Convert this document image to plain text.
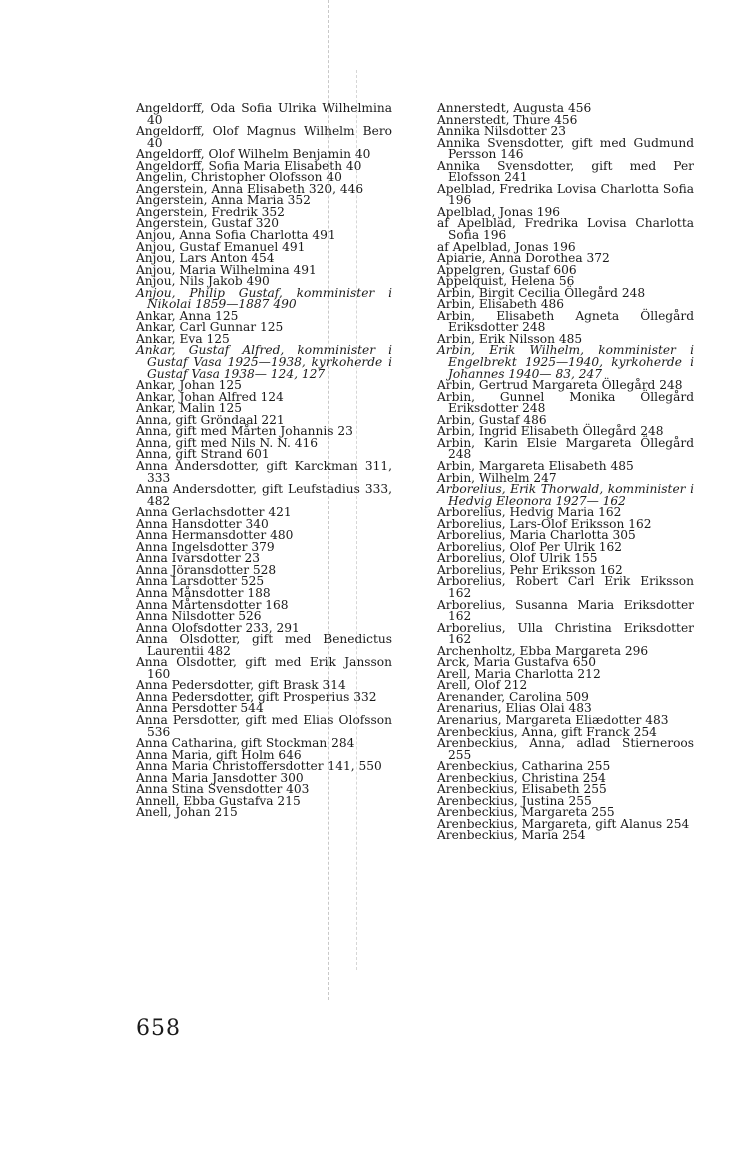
Angeldorff, Oda Sofia Ulrika Wilhelmina 40

Angeldorff, Olof Magnus Wilhelm Bero 40

Angeldorff, Olof Wilhelm Benjamin 40

Angeldorff, Sofia Maria Elisabeth 40

Angelin, Christopher Olofsson 40

Angerstein, Anna Elisabeth 320, 446

Angerstein, Anna Maria 352

Angerstein, Fredrik 352

Angerstein, Gustaf 320

Anjou, Anna Sofia Charlotta 491

Anjou, Gustaf Emanuel 491

Anjou, Lars Anton 454

Anjou, Maria Wilhelmina 491

Anjou, Nils Jakob 490

Anjou, Philip Gustaf, komminister i Nikolai 1859—1887 490

Ankar, Anna 125

Ankar, Carl Gunnar 125

Ankar, Eva 125

Ankar, Gustaf Alfred, komminister i Gustaf Vasa 1925—1938, kyrkoherde i Gustaf Vasa 1938— 124, 127

Ankar, Johan 125

Ankar, Johan Alfred 124

Ankar, Malin 125

Anna, gift Gröndaal 221

Anna, gift med Mårten Johannis 23

Anna, gift med Nils N. N. 416

Anna, gift Strand 601

Anna Andersdotter, gift Karckman 311, 333

Anna Andersdotter, gift Leufstadius 333, 482

Anna Gerlachsdotter 421

Anna Hansdotter 340

Anna Hermansdotter 480

Anna Ingelsdotter 379

Anna Ivarsdotter 23

Anna Jöransdotter 528

Anna Larsdotter 525

Anna Månsdotter 188

Anna Mårtensdotter 168

Anna Nilsdotter 526

Anna Olofsdotter 233, 291

Anna Olsdotter, gift med Benedictus Laurentii 482

Anna Olsdotter, gift med Erik Jansson 160

Anna Pedersdotter, gift Brask 314

Anna Pedersdotter, gift Prosperius 332

Anna Persdotter 544

Anna Persdotter, gift med Elias Olofsson 536

Anna Catharina, gift Stockman 284

Anna Maria, gift Holm 646

Anna Maria Christoffersdotter 141, 550

Anna Maria Jansdotter 300

Anna Stina Svensdotter 403

Annell, Ebba Gustafva 215

Anell, Johan 215

Annerstedt, Augusta 456

Annerstedt, Thure 456

Annika Nilsdotter 23

Annika Svensdotter, gift med Gudmund Persson 146

Annika Svensdotter, gift med Per Elofsson 241

Apelblad, Fredrika Lovisa Charlotta Sofia 196

Apelblad, Jonas 196

af Apelblad, Fredrika Lovisa Charlotta Sofia 196

af Apelblad, Jonas 196

Apiarie, Anna Dorothea 372

Appelgren, Gustaf 606

Appelquist, Helena 56

Arbin, Birgit Cecilia Öllegård 248

Arbin, Elisabeth 486

Arbin, Elisabeth Agneta Öllegård Eriksdotter 248

Arbin, Erik Nilsson 485

Arbin, Erik Wilhelm, komminister i Engelbrekt 1925—1940, kyrkoherde i Johannes 1940— 83, 247

Arbin, Gertrud Margareta Öllegård 248

Arbin, Gunnel Monika Öllegård Eriksdotter 248

Arbin, Gustaf 486

Arbin, Ingrid Elisabeth Öllegård 248

Arbin, Karin Elsie Margareta Öllegård 248

Arbin, Margareta Elisabeth 485

Arbin, Wilhelm 247

Arborelius, Erik Thorwald, komminister i Hedvig Eleonora 1927— 162

Arborelius, Hedvig Maria 162

Arborelius, Lars-Olof Eriksson 162

Arborelius, Maria Charlotta 305

Arborelius, Olof Per Ulrik 162

Arborelius, Olof Ulrik 155

Arborelius, Pehr Eriksson 162

Arborelius, Robert Carl Erik Eriksson 162

Arborelius, Susanna Maria Eriksdotter 162

Arborelius, Ulla Christina Eriksdotter 162

Archenholtz, Ebba Margareta 296

Arck, Maria Gustafva 650

Arell, Maria Charlotta 212

Arell, Olof 212

Arenander, Carolina 509

Arenarius, Elias Olai 483

Arenarius, Margareta Eliædotter 483

Arenbeckius, Anna, gift Franck 254

Arenbeckius, Anna, adlad Stierneroos 255

Arenbeckius, Catharina 255

Arenbeckius, Christina 254

Arenbeckius, Elisabeth 255

Arenbeckius, Justina 255

Arenbeckius, Margareta 255

Arenbeckius, Margareta, gift Alanus 254

Arenbeckius, Maria 254

658
